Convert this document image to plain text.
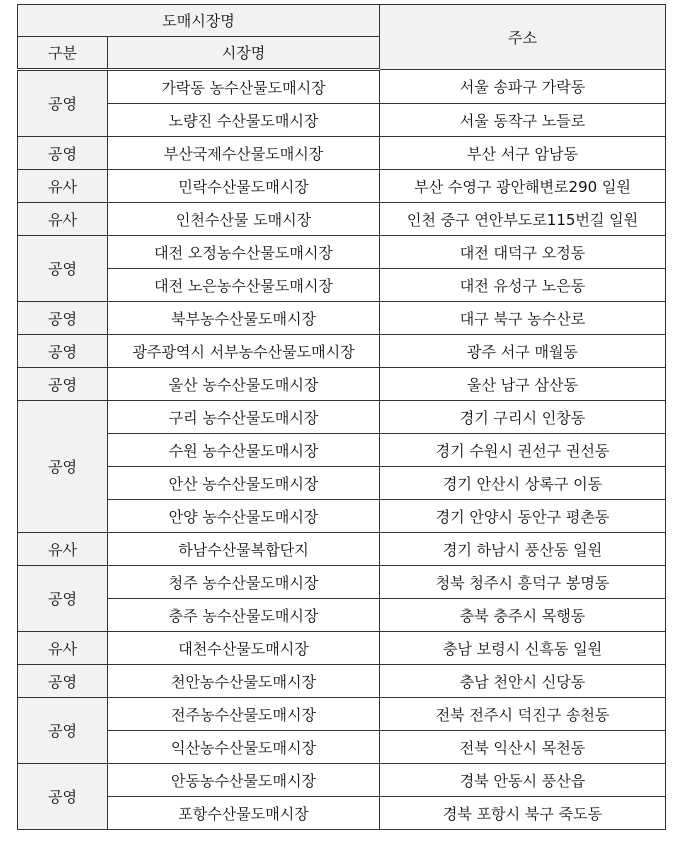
도매시장명		주소
구분	시장명	
공영	가락동 농수산물도매시장	서울 송파구 가락동
	노량진 수산물도매시장	서울 동작구 노들로
공영	부산국제수산물도매시장	부산 서구 암남동
유사	민락수산물도매시장	부산 수영구 광안해변로290 일원
유사	인천수산물 도매시장	인천 중구 연안부도로115번길 일원
공영	대전 오정농수산물도매시장	대전 대덕구 오정동
	대전 노은농수산물도매시장	대전 유성구 노은동
공영	북부농수산물도매시장	대구 북구 농수산로
공영	광주광역시 서부농수산물도매시장	광주 서구 매월동
공영	울산 농수산물도매시장	울산 남구 삼산동
공영	구리 농수산물도매시장	경기 구리시 인창동
	수원 농수산물도매시장	경기 수원시 권선구 권선동
	안산 농수산물도매시장	경기 안산시 상록구 이동
	안양 농수산물도매시장	경기 안양시 동안구 평촌동
유사	하남수산물복합단지	경기 하남시 풍산동 일원
공영	청주 농수산물도매시장	청북 청주시 흥덕구 봉명동
	충주 농수산물도매시장	충북 충주시 목행동
유사	대천수산물도매시장	충남 보령시 신흑동 일원
공영	천안농수산물도매시장	충남 천안시 신당동
공영	전주농수산물도매시장	전북 전주시 덕진구 송천동
	익산농수산물도매시장	전북 익산시 목천동
공영	안동농수산물도매시장	경북 안동시 풍산읍
	포항수산물도매시장	경북 포항시 북구 죽도동
